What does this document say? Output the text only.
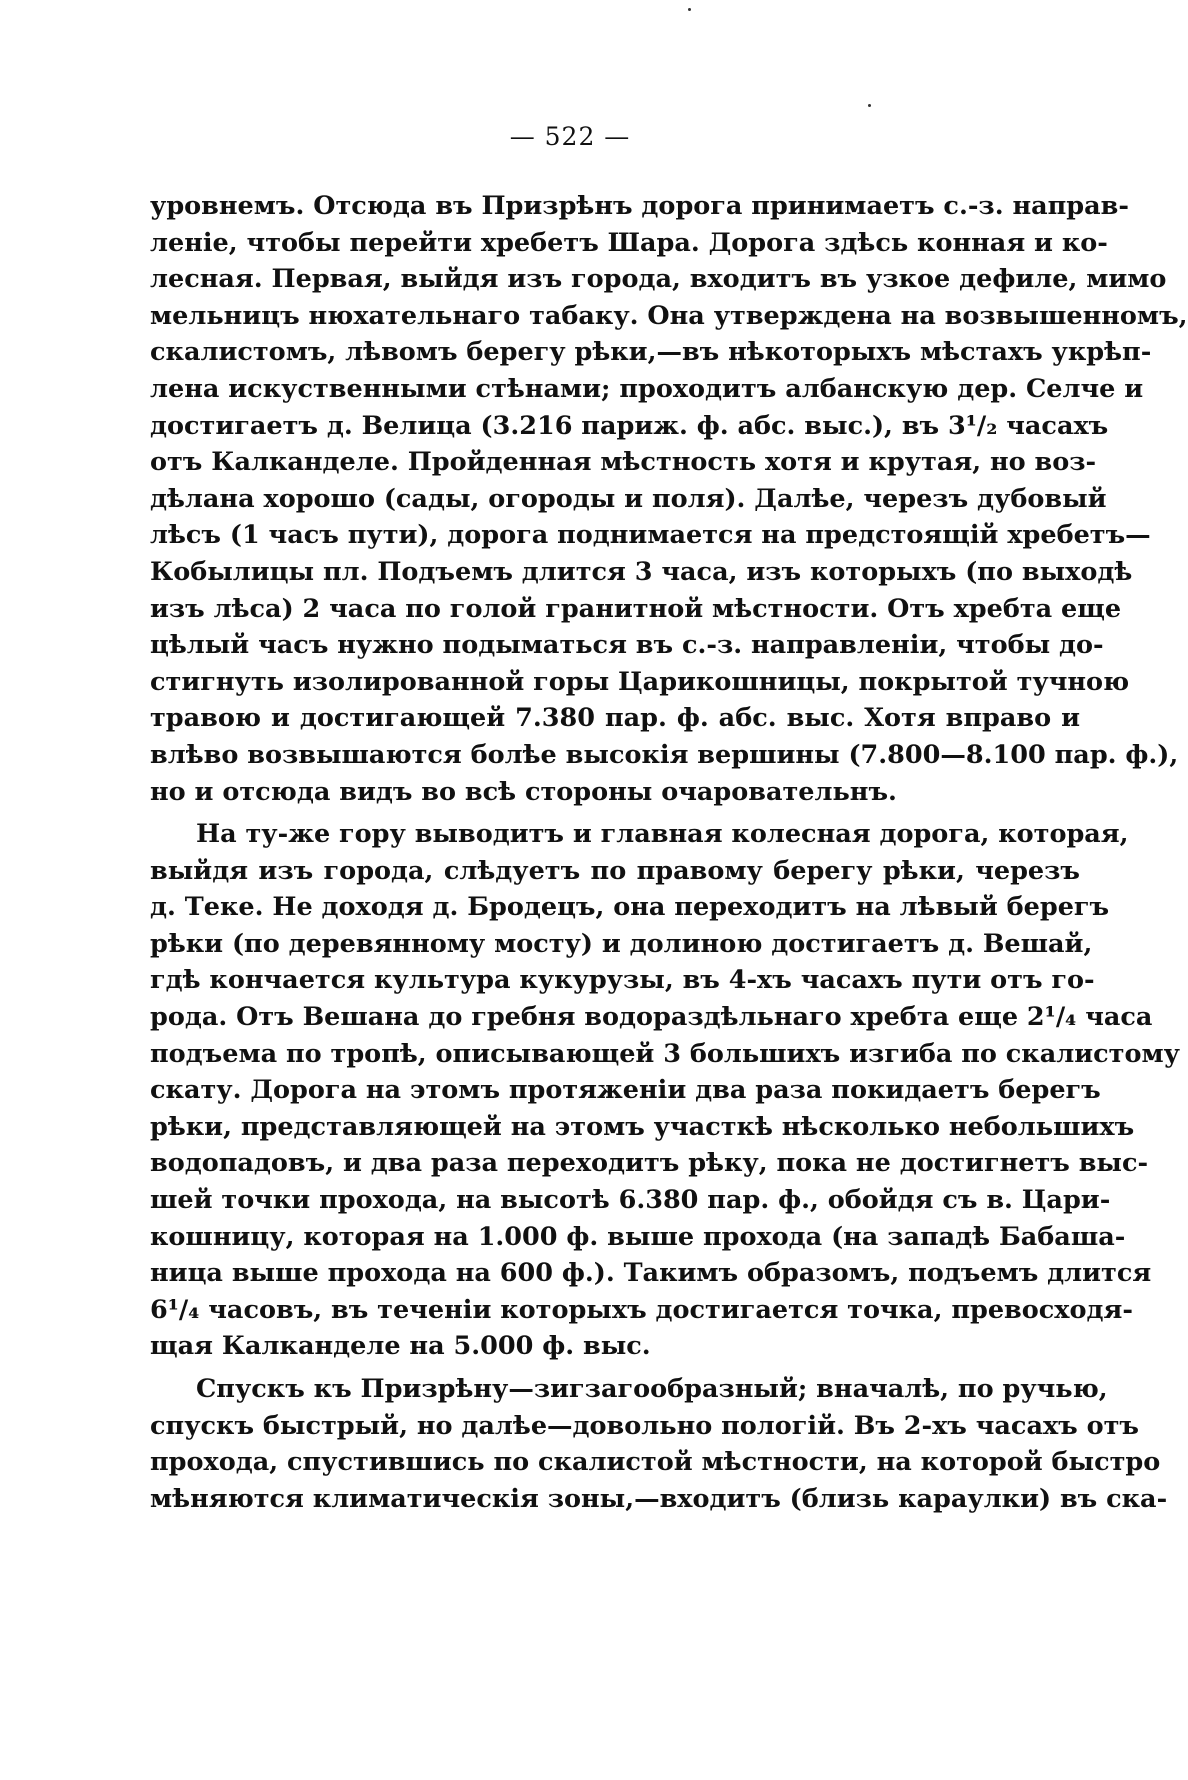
— 522 —
уровнемъ. Отсюда въ Призрѣнъ дорога принимаетъ с.-з. направ-
леніе, чтобы перейти хребетъ Шара. Дорога здѣсь конная и ко-
лесная. Первая, выйдя изъ города, входитъ въ узкое дефиле, мимо
мельницъ нюхательнаго табаку. Она утверждена на возвышенномъ,
скалистомъ, лѣвомъ берегу рѣки,—въ нѣкоторыхъ мѣстахъ укрѣп-
лена искуственными стѣнами; проходитъ албанскую дер. Селче и
достигаетъ д. Велица (3.216 париж. ф. абс. выс.), въ 3¹/₂ часахъ
отъ Калканделе. Пройденная мѣстность хотя и крутая, но воз-
дѣлана хорошо (сады, огороды и поля). Далѣе, черезъ дубовый
лѣсъ (1 часъ пути), дорога поднимается на предстоящій хребетъ—
Кобылицы пл. Подъемъ длится 3 часа, изъ которыхъ (по выходѣ
изъ лѣса) 2 часа по голой гранитной мѣстности. Отъ хребта еще
цѣлый часъ нужно подыматься въ с.-з. направленіи, чтобы до-
стигнуть изолированной горы Царикошницы, покрытой тучною
травою и достигающей 7.380 пар. ф. абс. выс. Хотя вправо и
влѣво возвышаются болѣе высокія вершины (7.800—8.100 пар. ф.),
но и отсюда видъ во всѣ стороны очаровательнъ.
На ту-же гору выводитъ и главная колесная дорога, которая,
выйдя изъ города, слѣдуетъ по правому берегу рѣки, черезъ
д. Теке. Не доходя д. Бродецъ, она переходитъ на лѣвый берегъ
рѣки (по деревянному мосту) и долиною достигаетъ д. Вешай,
гдѣ кончается культура кукурузы, въ 4-хъ часахъ пути отъ го-
рода. Отъ Вешана до гребня водораздѣльнаго хребта еще 2¹/₄ часа
подъема по тропѣ, описывающей 3 большихъ изгиба по скалистому
скату. Дорога на этомъ протяженіи два раза покидаетъ берегъ
рѣки, представляющей на этомъ участкѣ нѣсколько небольшихъ
водопадовъ, и два раза переходитъ рѣку, пока не достигнетъ выс-
шей точки прохода, на высотѣ 6.380 пар. ф., обойдя съ в. Цари-
кошницу, которая на 1.000 ф. выше прохода (на западѣ Бабаша-
ница выше прохода на 600 ф.). Такимъ образомъ, подъемъ длится
6¹/₄ часовъ, въ теченіи которыхъ достигается точка, превосходя-
щая Калканделе на 5.000 ф. выс.
Спускъ къ Призрѣну—зигзагообразный; вначалѣ, по ручью,
спускъ быстрый, но далѣе—довольно пологій. Въ 2-хъ часахъ отъ
прохода, спустившись по скалистой мѣстности, на которой быстро
мѣняются климатическія зоны,—входитъ (близь караулки) въ ска-
